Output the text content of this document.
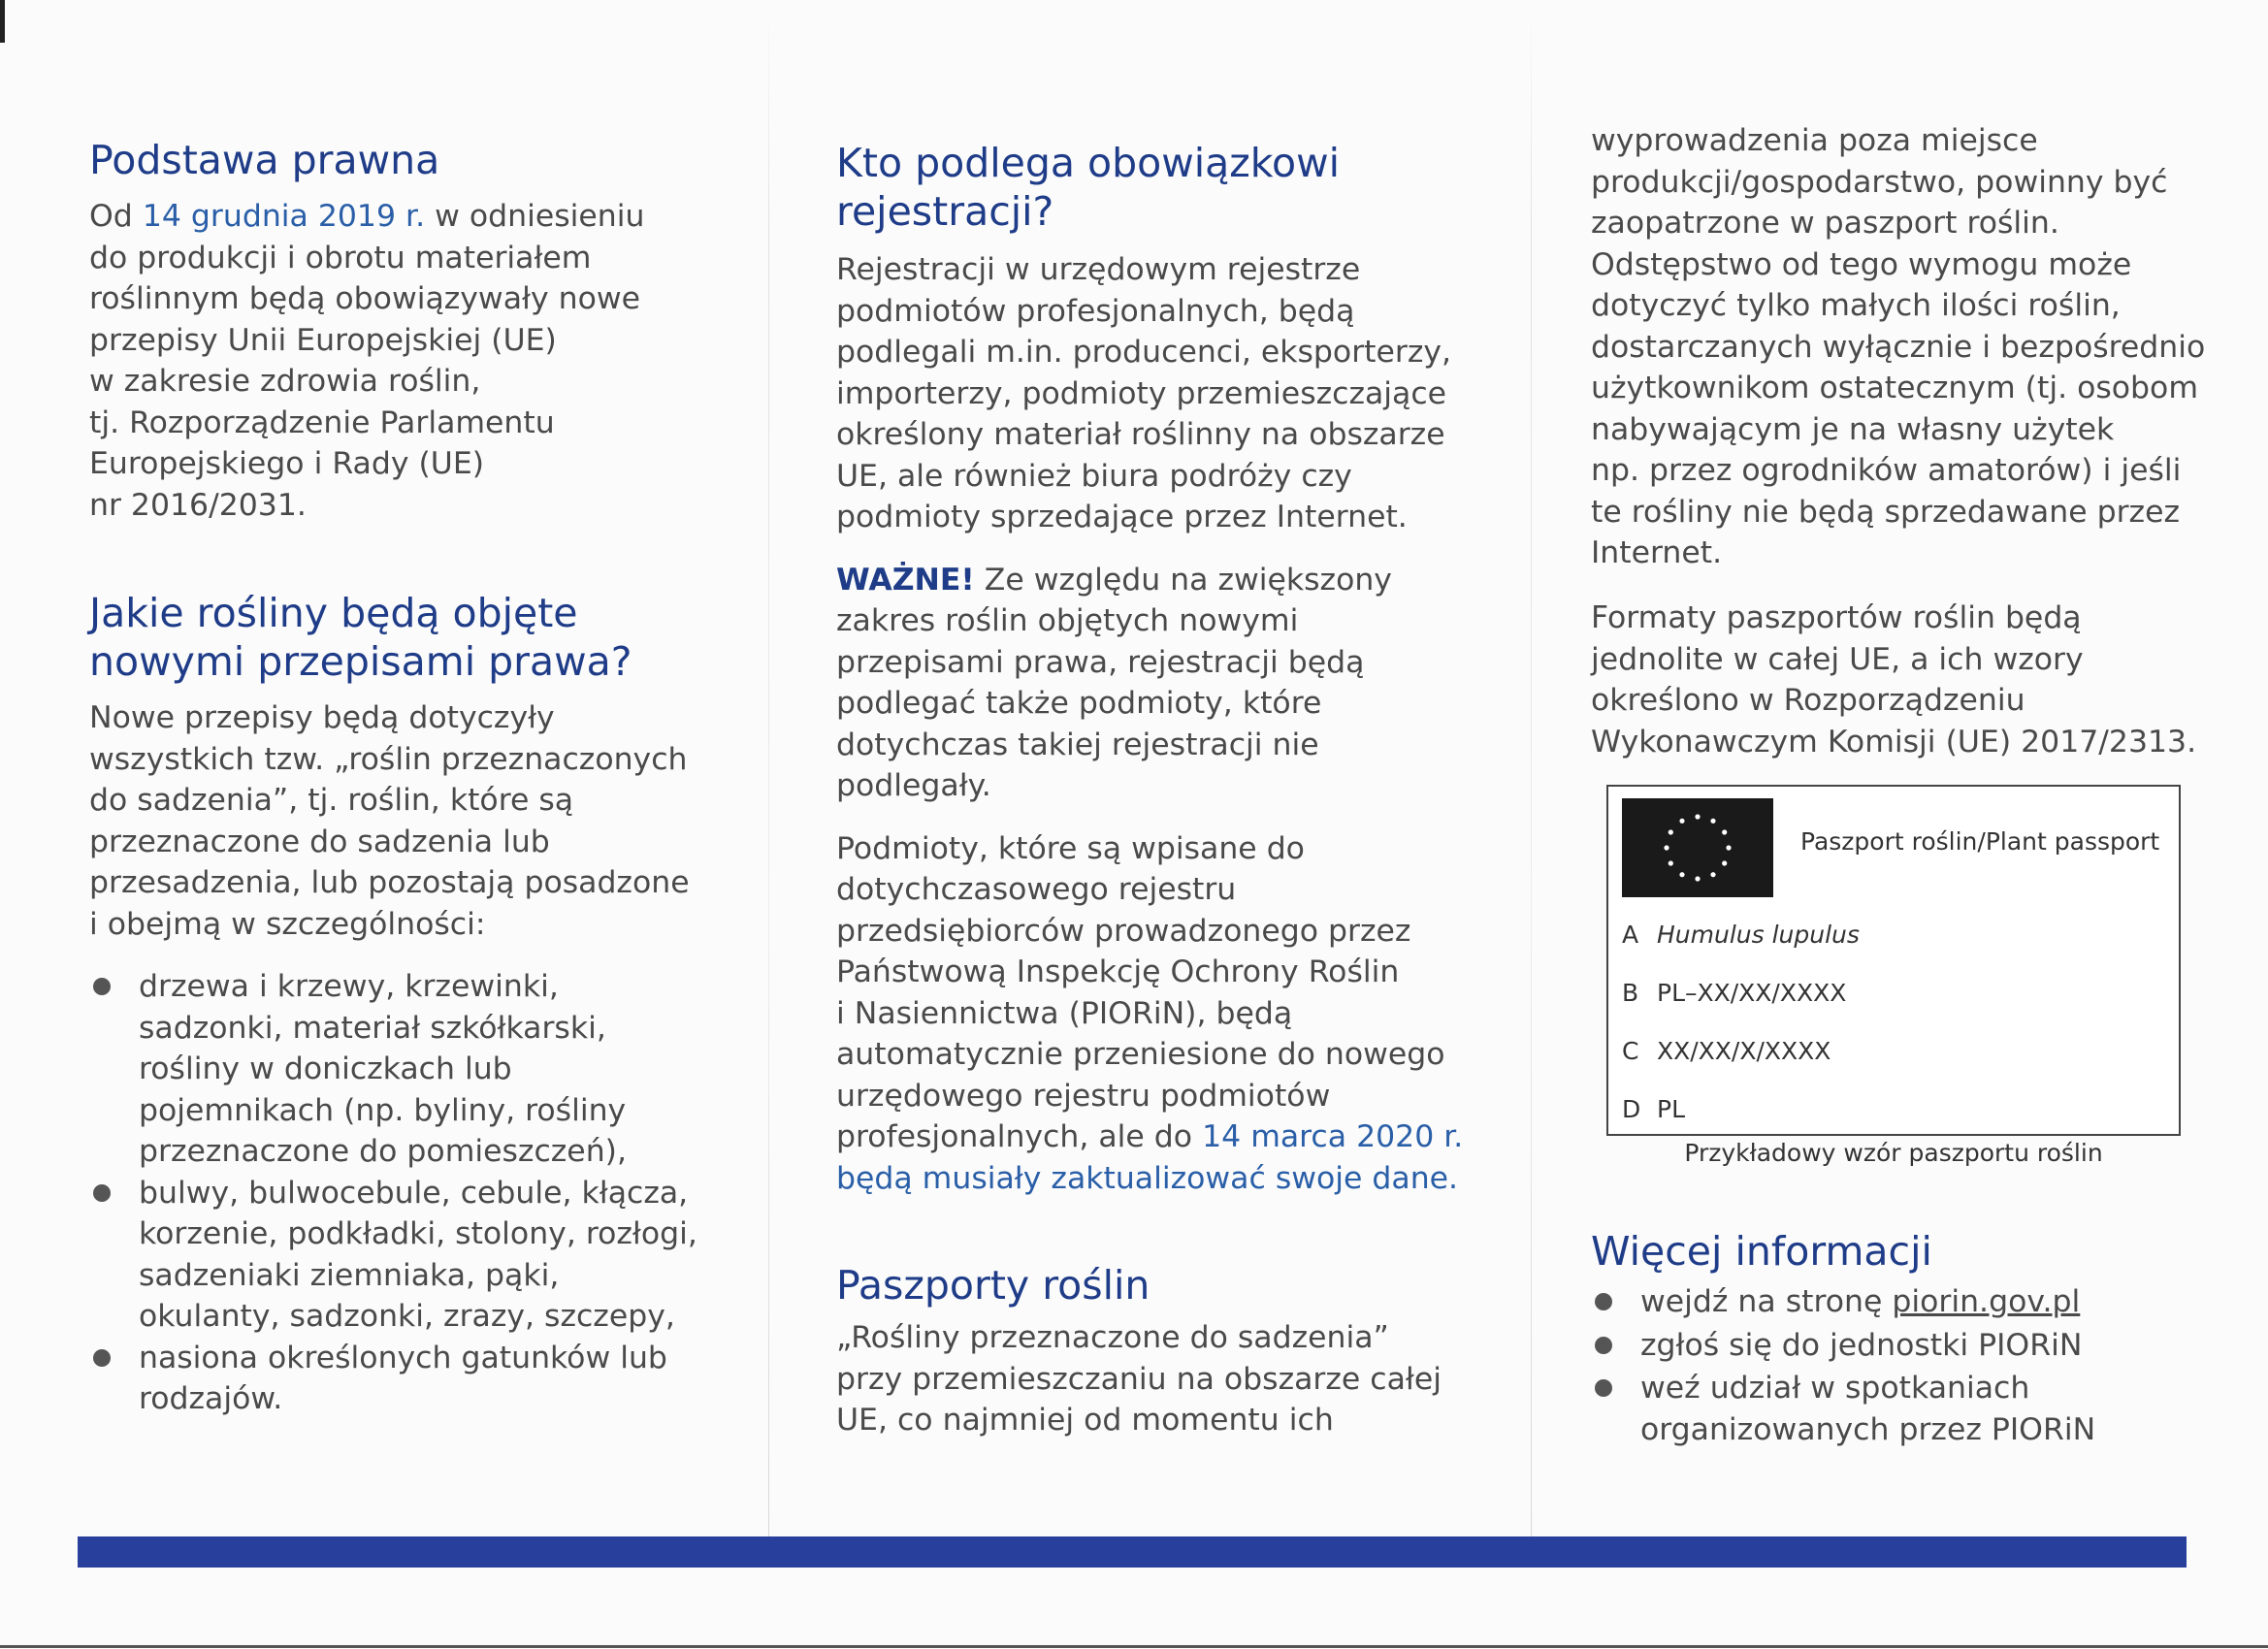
Podstawa prawna

Od 14 grudnia 2019 r. w odniesieniu
do produkcji i obrotu materiałem
roślinnym będą obowiązywały nowe
przepisy Unii Europejskiej (UE)
w zakresie zdrowia roślin,
tj. Rozporządzenie Parlamentu
Europejskiego i Rady (UE)
nr 2016/2031.

Jakie rośliny będą objęte
nowymi przepisami prawa?

Nowe przepisy będą dotyczyły
wszystkich tzw. „roślin przeznaczonych
do sadzenia”, tj. roślin, które są
przeznaczone do sadzenia lub
przesadzenia, lub pozostają posadzone
i obejmą w szczególności:

drzewa i krzewy, krzewinki,
sadzonki, materiał szkółkarski,
rośliny w doniczkach lub
pojemnikach (np. byliny, rośliny
przeznaczone do pomieszczeń),
bulwy, bulwocebule, cebule, kłącza,
korzenie, podkładki, stolony, rozłogi,
sadzeniaki ziemniaka, pąki,
okulanty, sadzonki, zrazy, szczepy,
nasiona określonych gatunków lub
rodzajów.
Kto podlega obowiązkowi
rejestracji?

Rejestracji w urzędowym rejestrze
podmiotów profesjonalnych, będą
podlegali m.in. producenci, eksporterzy,
importerzy, podmioty przemieszczające
określony materiał roślinny na obszarze
UE, ale również biura podróży czy
podmioty sprzedające przez Internet.

WAŻNE! Ze względu na zwiększony
zakres roślin objętych nowymi
przepisami prawa, rejestracji będą
podlegać także podmioty, które
dotychczas takiej rejestracji nie
podlegały.

Podmioty, które są wpisane do
dotychczasowego rejestru
przedsiębiorców prowadzonego przez
Państwową Inspekcję Ochrony Roślin
i Nasiennictwa (PIORiN), będą
automatycznie przeniesione do nowego
urzędowego rejestru podmiotów
profesjonalnych, ale do 14 marca 2020 r.
będą musiały zaktualizować swoje dane.

Paszporty roślin

„Rośliny przeznaczone do sadzenia”
przy przemieszczaniu na obszarze całej
UE, co najmniej od momentu ich

wyprowadzenia poza miejsce
produkcji/gospodarstwo, powinny być
zaopatrzone w paszport roślin.
Odstępstwo od tego wymogu może
dotyczyć tylko małych ilości roślin,
dostarczanych wyłącznie i bezpośrednio
użytkownikom ostatecznym (tj. osobom
nabywającym je na własny użytek
np. przez ogrodników amatorów) i jeśli
te rośliny nie będą sprzedawane przez
Internet.

Formaty paszportów roślin będą
jednolite w całej UE, a ich wzory
określono w Rozporządzeniu
Wykonawczym Komisji (UE) 2017/2313.

Więcej informacji
wejdź na stronę piorin.gov.pl
zgłoś się do jednostki PIORiN
weź udział w spotkaniach
organizowanych przez PIORiN
Paszport roślin/Plant passport
A Humulus lupulus
B PL–XX/XX/XXXX
C XX/XX/X/XXXX
D PL
Przykładowy wzór paszportu roślin
